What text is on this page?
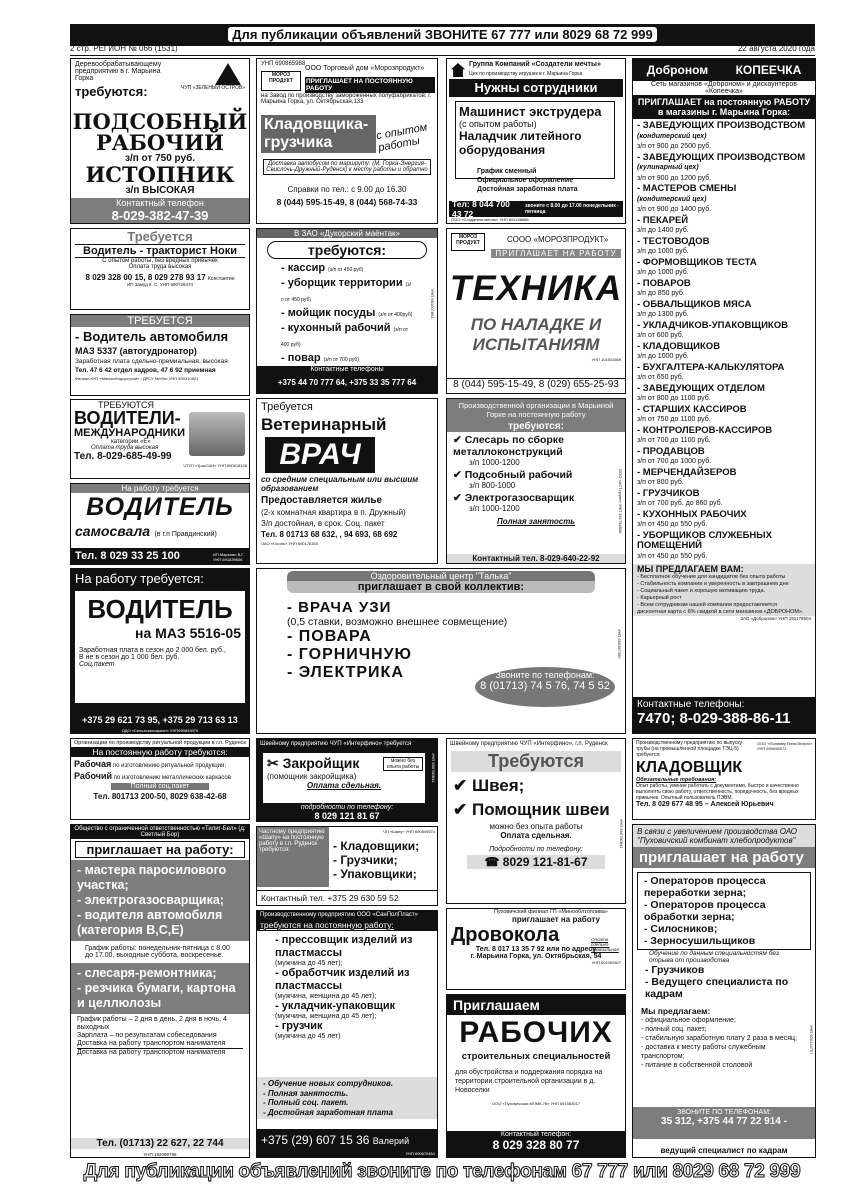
Для публикации объявлений ЗВОНИТЕ 67 777 или 8029 68 72 999
2 стр. РЕГИОН № 066 (1531)	22 августа 2020 года
Деревообрабатывающему предприятию в г. Марьина Горка
ЧУП «ЗЕЛЕНЫЙ ОСТРОВ»
требуются:
ПОДСОБНЫЙ
РАБОЧИЙ
з/п от 750 руб.
ИСТОПНИК
з/п ВЫСОКАЯ
Контактный телефон
8-029-382-47-39
УНП 690865988
МОРОЗ ПРОДУКТ
ООО Торговый дом «Морозпродукт»
ПРИГЛАШАЕТ НА ПОСТОЯННУЮ РАБОТУ
на Завод по производству замороженных полуфабрикатов: г. Марьина Горка, ул. Октябрьская,133
Кладовщика-грузчика
с опытом работы
Доставка автобусом по маршруту: (М. Горка-Энергия-Свислочь-Дружный-Руденск) к месту работы и обратно
Справки по тел.: с 9.00 до 16.30
8 (044) 595-15-49, 8 (044) 568-74-33
Группа Компаний «Создатели мечты»
Цех по производству игрушек в г. Марьина Горка
Нужны сотрудники
Машинист экструдера
(с опытом работы)
Наладчик литейного оборудования
График сменный
Официальное оформление
Достойная заработная плата
Тел: 8 044 700 43 72
звоните с 8.00 до 17.00 понедельник - пятница
ООО «Создатели мечты» УНП 691158688
Доброном КОПЕЕЧКА
Сеть магазинов «Доброном» и дискаунтеров «Копеечка»
ПРИГЛАШАЕТ на постоянную РАБОТУ в магазины г. Марьина Горка:
- ЗАВЕДУЮЩИХ ПРОИЗВОДСТВОМ
(кондитерский цех)
з/п от 900 до 2500 руб.
- ЗАВЕДУЮЩИХ ПРОИЗВОДСТВОМ
(кулинарный цех)
з/п от 900 до 1200 руб.
- МАСТЕРОВ СМЕНЫ
(кондитерский цех)
з/п от 900 до 1400 руб.
- ПЕКАРЕЙ
з/п до 1400 руб.
- ТЕСТОВОДОВ
з/п до 1000 руб.
- ФОРМОВЩИКОВ ТЕСТА
з/п до 1000 руб.
- ПОВАРОВ
з/п до 850 руб.
- ОБВАЛЬЩИКОВ МЯСА
з/п до 1300 руб.
- УКЛАДЧИКОВ-УПАКОВЩИКОВ
з/п от 600 руб.
- КЛАДОВЩИКОВ
з/п до 1000 руб.
- БУХГАЛТЕРА-КАЛЬКУЛЯТОРА
з/п от 650 руб.
- ЗАВЕДУЮЩИХ ОТДЕЛОМ
з/п от 800 до 1100 руб.
- СТАРШИХ КАССИРОВ
з/п от 750 до 1100 руб.
- КОНТРОЛЕРОВ-КАССИРОВ
з/п от 700 до 1100 руб.
- ПРОДАВЦОВ
з/п от 700 до 1000 руб.
- МЕРЧЕНДАЙЗЕРОВ
з/п от 800 руб.
- ГРУЗЧИКОВ
з/п от 700 руб. до 860 руб.
- КУХОННЫХ РАБОЧИХ
з/п от 450 до 550 руб.
- УБОРЩИКОВ СЛУЖЕБНЫХ ПОМЕЩЕНИЙ
з/п от 450 до 550 руб.
МЫ ПРЕДЛАГАЕМ ВАМ:
- Бесплатное обучение для кандидатов без опыта работы
- Стабильность компании и уверенность в завтрашнем дне
- Социальный пакет и хорошую мотивацию труда.
- Карьерный рост
- Всем сотрудникам нашей компании предоставляется
дисконтная карта с 6% скидкой в сети магазинов «ДОБРОНОМ».
ЗАО «Доброном» УНП 191178504
Контактные телефоны:
7470; 8-029-388-86-11
Требуется
Водитель - тракторист Ноки
С опытом работы, без вредных привычек
Оплата труда высокая
8 029 328 00 15, 8 029 278 93 17 Константин
ИП Замуд К. С. УНП 690726474
В ЗАО «Дукорский маёнтак»
требуются:
- кассир (з/п от 450 руб)
- уборщик территории (з/п от 450 руб)
- мойщик посуды (з/п от 400руб)
- кухонный рабочий (з/п от 400 руб)
- повар (з/п от 700 руб)
Контактные телефоны
+375 44 70 777 64, +375 33 35 777 64
УНП 691007891
МОРОЗ ПРОДУКТ	СООО «МОРОЗПРОДУКТ»
ПРИГЛАШАЕТ НА РАБОТУ
ТЕХНИКА
ПО НАЛАДКЕ И
ИСПЫТАНИЯМ
УНП 101501669
8 (044) 595-15-49, 8 (029) 655-25-93
ТРЕБУЕТСЯ
- Водитель автомобиля
МАЗ 5337 (автогудронатор)
Заработная плата сдельно-премиальная, высокая
Тел. 47 6 42 отдел кадров, 47 6 92 приемная
Филиал КУП «Минскоблдорстрой» - ДРСУ №«№» УНП 690310821
ТРЕБУЮТСЯ
ВОДИТЕЛИ-
МЕЖДУНАРОДНИКИ
категории «Е»
Оплата труда высокая
Тел. 8-029-685-49-99
ЧТУП «ТрасСАН» УНП 690618148
Требуется
Ветеринарный
ВРАЧ
со средним специальным или высшим образованием
Предоставляется жилье
(2-х комнатная квартира в п. Дружный)
З/п достойная, в срок. Соц. пакет
Тел. 8 01713 68 632, , 94 693, 68 692
ОАО «Гоголь» УНП 600176165
Производственной организации в Марьиной Горке на постоянную работу
требуются:
✔ Слесарь по сборке металлоконструкций
з/п 1000-1200
✔ Подсобный рабочий
з/п 800-1000
✔ Электрогазосварщик
з/п 1000-1200
Полная занятость
Контактный тел. 8-029-640-22-92
ООО «АСТ групп» УНП 191764808
На работу требуется
ВОДИТЕЛЬ
самосвала (в г.п Правдинский)
Тел. 8 029 33 25 100	ИП Марыгин В.Г. УНП 691839606
На работу требуется:
ВОДИТЕЛЬ
на МАЗ 5516-05
Заработная плата в сезон до 2 000 бел. руб.,
В не в сезон до 1 000 бел. руб.
Соц.пакет
+375 29 621 73 95, +375 29 713 63 13
ОДО «Сельхоззонарион» УНП690833075
Оздоровительный центр "Талька"
приглашает в свой коллектив:
- ВРАЧА УЗИ
(0,5 ставки, возможно внешнее совмещение)
- ПОВАРА
- ГОРНИЧНУЮ
- ЭЛЕКТРИКА	Звоните по телефонам:
8 (01713) 74 5 76, 74 5 52
УНП 690387350
Организации по производству ритуальной продукции в г.п. Руденск
На постоянную работу требуются:
Рабочая по изготовлению ритуальной продукции;
Рабочий по изготовлению металлических каркасов
Полный соц.пакет
Тел. 801713 200-50, 8029 638-42-68
Швейному предприятию ЧУП «Интерфино» требуется
✂ Закройщик
(помощник закройщика)
Оплата сдельная.
можно без опыта работы
подробности по телефону:
8 029 121 81 67
УНП 690780841
Швейному предприятию ЧУП «Интерфино», г.п. Руденск
Требуются
✔ Швея;
✔ Помощник швеи
можно без опыта работы
Оплата сдельная.
Подробности по телефону:
☎ 8029 121-81-67
УНП 690780841
Производственному предприятию по выпуску трубы (на промышленной площадке ТЭЦ-5) требуется:
ООО «ПолимерТехноЭнерго» УНП 690655572
КЛАДОВЩИК
Обязательные требования:
Опыт работы, умение работать с документами, быстро и качественно выполнять свою работу, ответственность, порядочность, без вредных привычек. Опытный пользователь ПЭВМ.
Тел. 8 029 677 48 95 – Алексей Юрьевич
В связи с увеличением производства ОАО "Пуховичский комбинат хлебопродуктов"
приглашает на работу
- Операторов процесса переработки зерна;
- Операторов процесса обработки зерна;
- Силосников;
- Зерносушильщиков
Обучение по данным специальностям без отрыва от производства
- Грузчиков
- Ведущего специалиста по кадрам
Мы предлагаем:
- официальное оформление;
- полный соц. пакет;
- стабильную заработную плату 2 раза в месяц;
- доставка к месту работы служебным транспортом;
- питание в собственной столовой
ЗВОНИТЕ ПО ТЕЛЕФОНАМ:
35 312, +375 44 77 22 914 -
ведущий специалист по кадрам
УНП 600124707
Общество с ограниченной ответственностью «Тилиг-Бел» (д. Светлый Бор)
приглашает на работу:
- мастера паросилового участка;
- электрогазосварщика;
- водителя автомобиля (категория В,С,Е)
График работы: понедельник-пятница с 8.00 до 17.00, выходные суббота, воскресенье.
- слесаря-ремонтника;
- резчика бумаги, картона и целлюлозы
График работы – 2 дня в день, 2 дня в ночь, 4 выходных
Зарплата – по результатам собеседования
Доставка на работу транспортом нанимателя
Доставка на работу транспортом нанимателя
Тел. (01713) 22 627, 22 744
УНП 192099786
Частному предприятию «Шапу» на постоянную работу в г.п. Руденск требуются:
ЧП «Шапу» УНП 690849574
- Кладовщики;
- Грузчики;
- Упаковщики;
Контактный тел. +375 29 630 59 52
Производственному предприятию ООО «СанПолПласт»
требуются на постоянную работу:
- прессовщик изделий из пластмассы
(мужчина до 45 лет);
- обработчик изделий из пластмассы
(мужчина, женщина до 45 лет);
- укладчик-упаковщик
(мужчина, женщина до 45 лет);
- грузчик
(мужчина до 45 лет)
- Обучение новых сотрудников.
- Полная занятость.
- Полный соц. пакет.
- Достойная заработная плата
+375 (29) 607 15 36 Валерий
УНП 690670454
Пуховичский филиал ГП «Минооблтоплива»
приглашает на работу
Дровокола	Оплата сдельно-премиальная
Тел. 8 017 13 35 7 92 или по адресу
г. Марьина Горка, ул. Октябрьская, 54
УНП 601062607
Приглашаем
РАБОЧИХ
строительных специальностей
для обустройства и поддержания порядка на территории строительной организации в д. Новоселки
ООО «Пуховичская МПМК-78» УНП 691583017
Контактный телефон:
8 029 328 80 77
Для публикации объявлений звоните по телефонам 67 777 или 8029 68 72 999
